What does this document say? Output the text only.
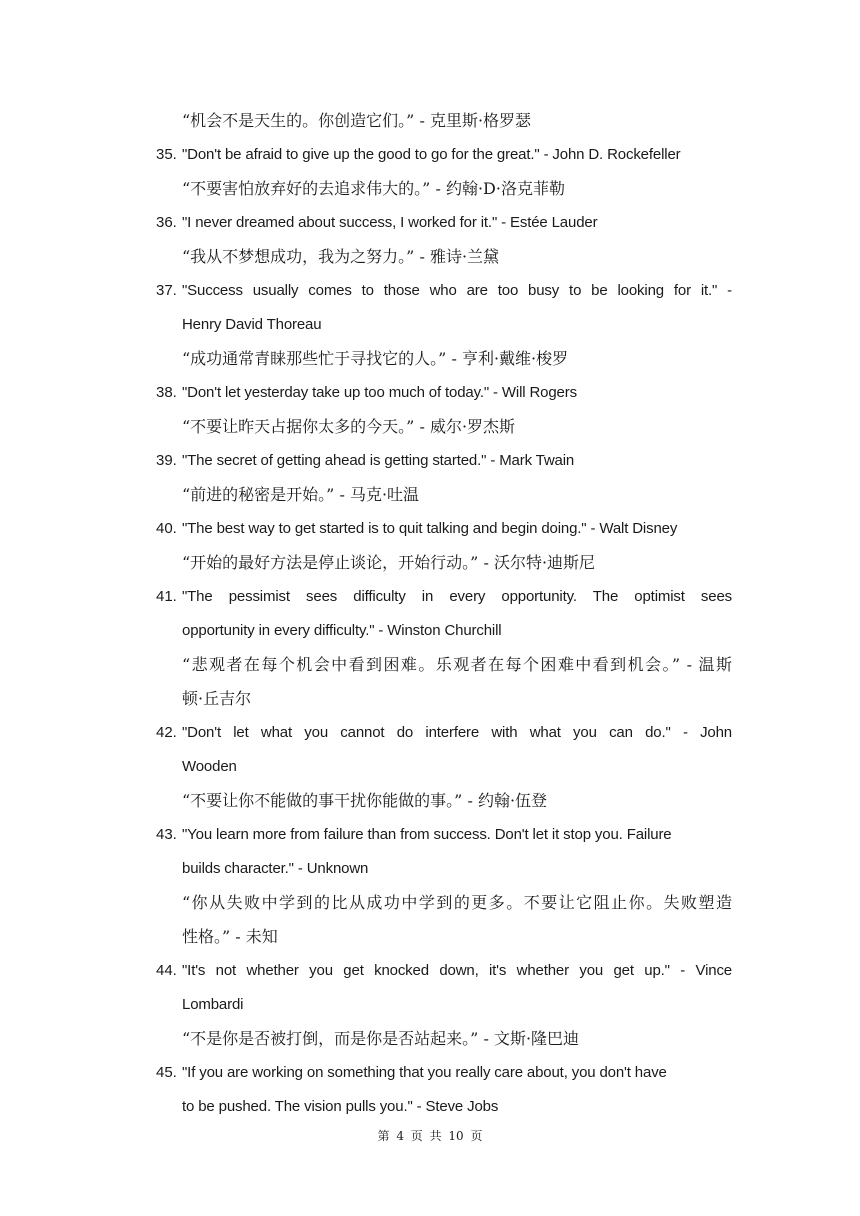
“机会不是天生的。你创造它们。” - 克里斯·格罗瑟
35. "Don't be afraid to give up the good to go for the great." - John D. Rockefeller
“不要害怕放弃好的去追求伟大的。” - 约翰·D·洛克菲勒
36. "I never dreamed about success, I worked for it." - Estée Lauder
“我从不梦想成功，我为之努力。” - 雅诗·兰黛
37. "Success usually comes to those who are too busy to be looking for it." -
Henry David Thoreau
“成功通常青睐那些忙于寻找它的人。” - 亨利·戴维·梭罗
38. "Don't let yesterday take up too much of today." - Will Rogers
“不要让昨天占据你太多的今天。” - 威尔·罗杰斯
39. "The secret of getting ahead is getting started." - Mark Twain
“前进的秘密是开始。” - 马克·吐温
40. "The best way to get started is to quit talking and begin doing." - Walt Disney
“开始的最好方法是停止谈论，开始行动。” - 沃尔特·迪斯尼
41. "The pessimist sees difficulty in every opportunity. The optimist sees
opportunity in every difficulty." - Winston Churchill
“悲观者在每个机会中看到困难。乐观者在每个困难中看到机会。” - 温斯
顿·丘吉尔
42. "Don't let what you cannot do interfere with what you can do." - John
Wooden
“不要让你不能做的事干扰你能做的事。” - 约翰·伍登
43. "You learn more from failure than from success. Don't let it stop you. Failure
builds character." - Unknown
“你从失败中学到的比从成功中学到的更多。不要让它阻止你。失败塑造
性格。” - 未知
44. "It's not whether you get knocked down, it's whether you get up." - Vince
Lombardi
“不是你是否被打倒，而是你是否站起来。” - 文斯·隆巴迪
45. "If you are working on something that you really care about, you don't have
to be pushed. The vision pulls you." - Steve Jobs
第 4 页 共 10 页
